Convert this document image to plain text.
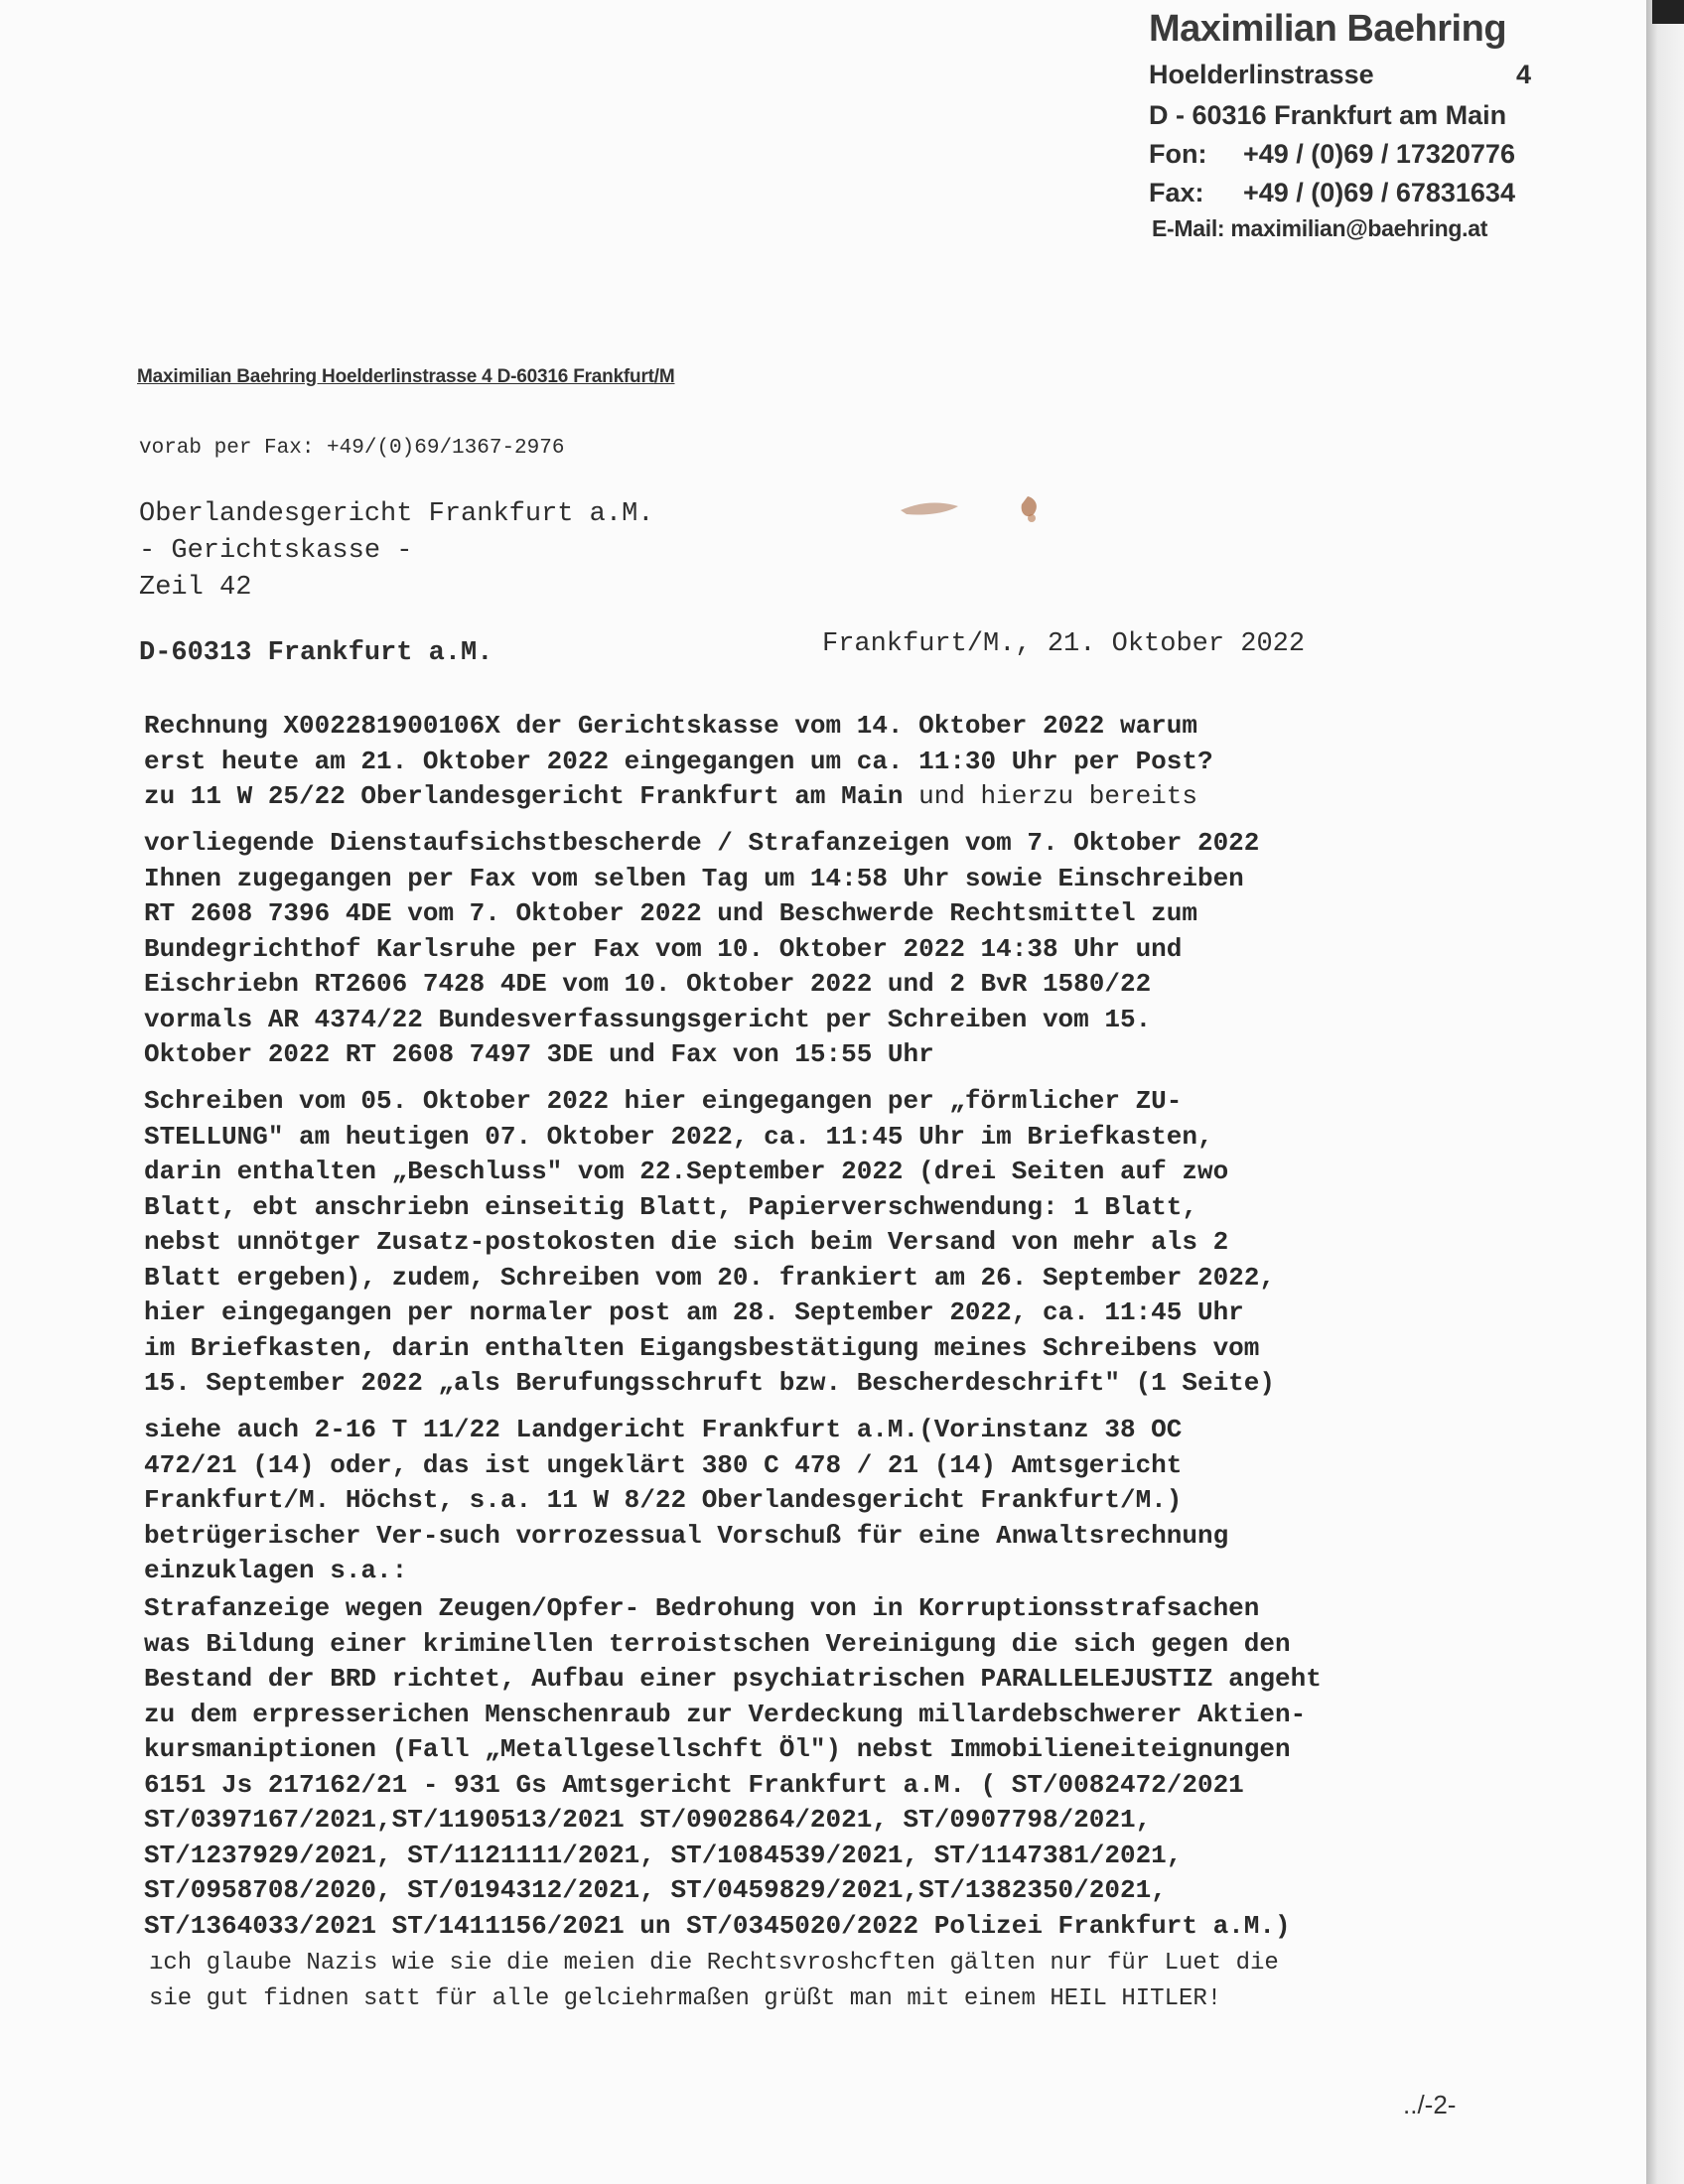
Maximilian Baehring
Hoelderlinstrasse	4
D - 60316 Frankfurt am Main
Fon: +49 / (0)69 / 17320776
Fax: +49 / (0)69 / 67831634
E-Mail: maximilian@baehring.at
Maximilian Baehring Hoelderlinstrasse 4 D-60316 Frankfurt/M
vorab per Fax: +49/(0)69/1367-2976
Oberlandesgericht Frankfurt a.M.
- Gerichtskasse -
Zeil 42
D-60313 Frankfurt a.M.	Frankfurt/M., 21. Oktober 2022
Rechnung X002281900106X der Gerichtskasse vom 14. Oktober 2022 warum
erst heute am 21. Oktober 2022 eingegangen um ca. 11:30 Uhr per Post?
zu 11 W 25/22 Oberlandesgericht Frankfurt am Main und hierzu bereits
vorliegende Dienstaufsichstbescherde / Strafanzeigen vom 7. Oktober 2022
Ihnen zugegangen per Fax vom selben Tag um 14:58 Uhr sowie Einschreiben
RT 2608 7396 4DE vom 7. Oktober 2022 und Beschwerde Rechtsmittel zum
Bundegrichthof Karlsruhe per Fax vom 10. Oktober 2022 14:38 Uhr und
Eischriebn RT2606 7428 4DE vom 10. Oktober 2022 und 2 BvR 1580/22
vormals AR 4374/22 Bundesverfassungsgericht per Schreiben vom 15.
Oktober 2022 RT 2608 7497 3DE und Fax von 15:55 Uhr
Schreiben vom 05. Oktober 2022 hier eingegangen per „förmlicher ZU-
STELLUNG" am heutigen 07. Oktober 2022, ca. 11:45 Uhr im Briefkasten,
darin enthalten „Beschluss" vom 22.September 2022 (drei Seiten auf zwo
Blatt, ebt anschriebn einseitig Blatt, Papierverschwendung: 1 Blatt,
nebst unnötger Zusatz-postokosten die sich beim Versand von mehr als 2
Blatt ergeben), zudem, Schreiben vom 20. frankiert am 26. September 2022,
hier eingegangen per normaler post am 28. September 2022, ca. 11:45 Uhr
im Briefkasten, darin enthalten Eigangsbestätigung meines Schreibens vom
15. September 2022 „als Berufungsschruft bzw. Bescherdeschrift" (1 Seite)
siehe auch 2-16 T 11/22 Landgericht Frankfurt a.M.(Vorinstanz 38 OC
472/21 (14) oder, das ist ungeklärt 380 C 478 / 21 (14) Amtsgericht
Frankfurt/M. Höchst, s.a. 11 W 8/22 Oberlandesgericht Frankfurt/M.)
betrügerischer Ver-such vorrozessual Vorschuß für eine Anwaltsrechnung
einzuklagen s.a.:
Strafanzeige wegen Zeugen/Opfer- Bedrohung von in Korruptionsstrafsachen
was Bildung einer kriminellen terroistschen Vereinigung die sich gegen den
Bestand der BRD richtet, Aufbau einer psychiatrischen PARALLELEJUSTIZ angeht
zu dem erpresserichen Menschenraub zur Verdeckung millardebschwerer Aktien-
kursmaniptionen (Fall „Metallgesellschft Öl") nebst Immobilieneiteignungen
6151 Js 217162/21 - 931 Gs Amtsgericht Frankfurt a.M. ( ST/0082472/2021
ST/0397167/2021,ST/1190513/2021 ST/0902864/2021, ST/0907798/2021,
ST/1237929/2021, ST/1121111/2021, ST/1084539/2021, ST/1147381/2021,
ST/0958708/2020, ST/0194312/2021, ST/0459829/2021,ST/1382350/2021,
ST/1364033/2021 ST/1411156/2021 un ST/0345020/2022 Polizei Frankfurt a.M.)
ıch glaube Nazis wie sie die meien die Rechtsvroshcften gälten nur für Luet die
sie gut fidnen satt für alle gelciehrmaßen grüßt man mit einem HEIL HITLER!
../-2-
